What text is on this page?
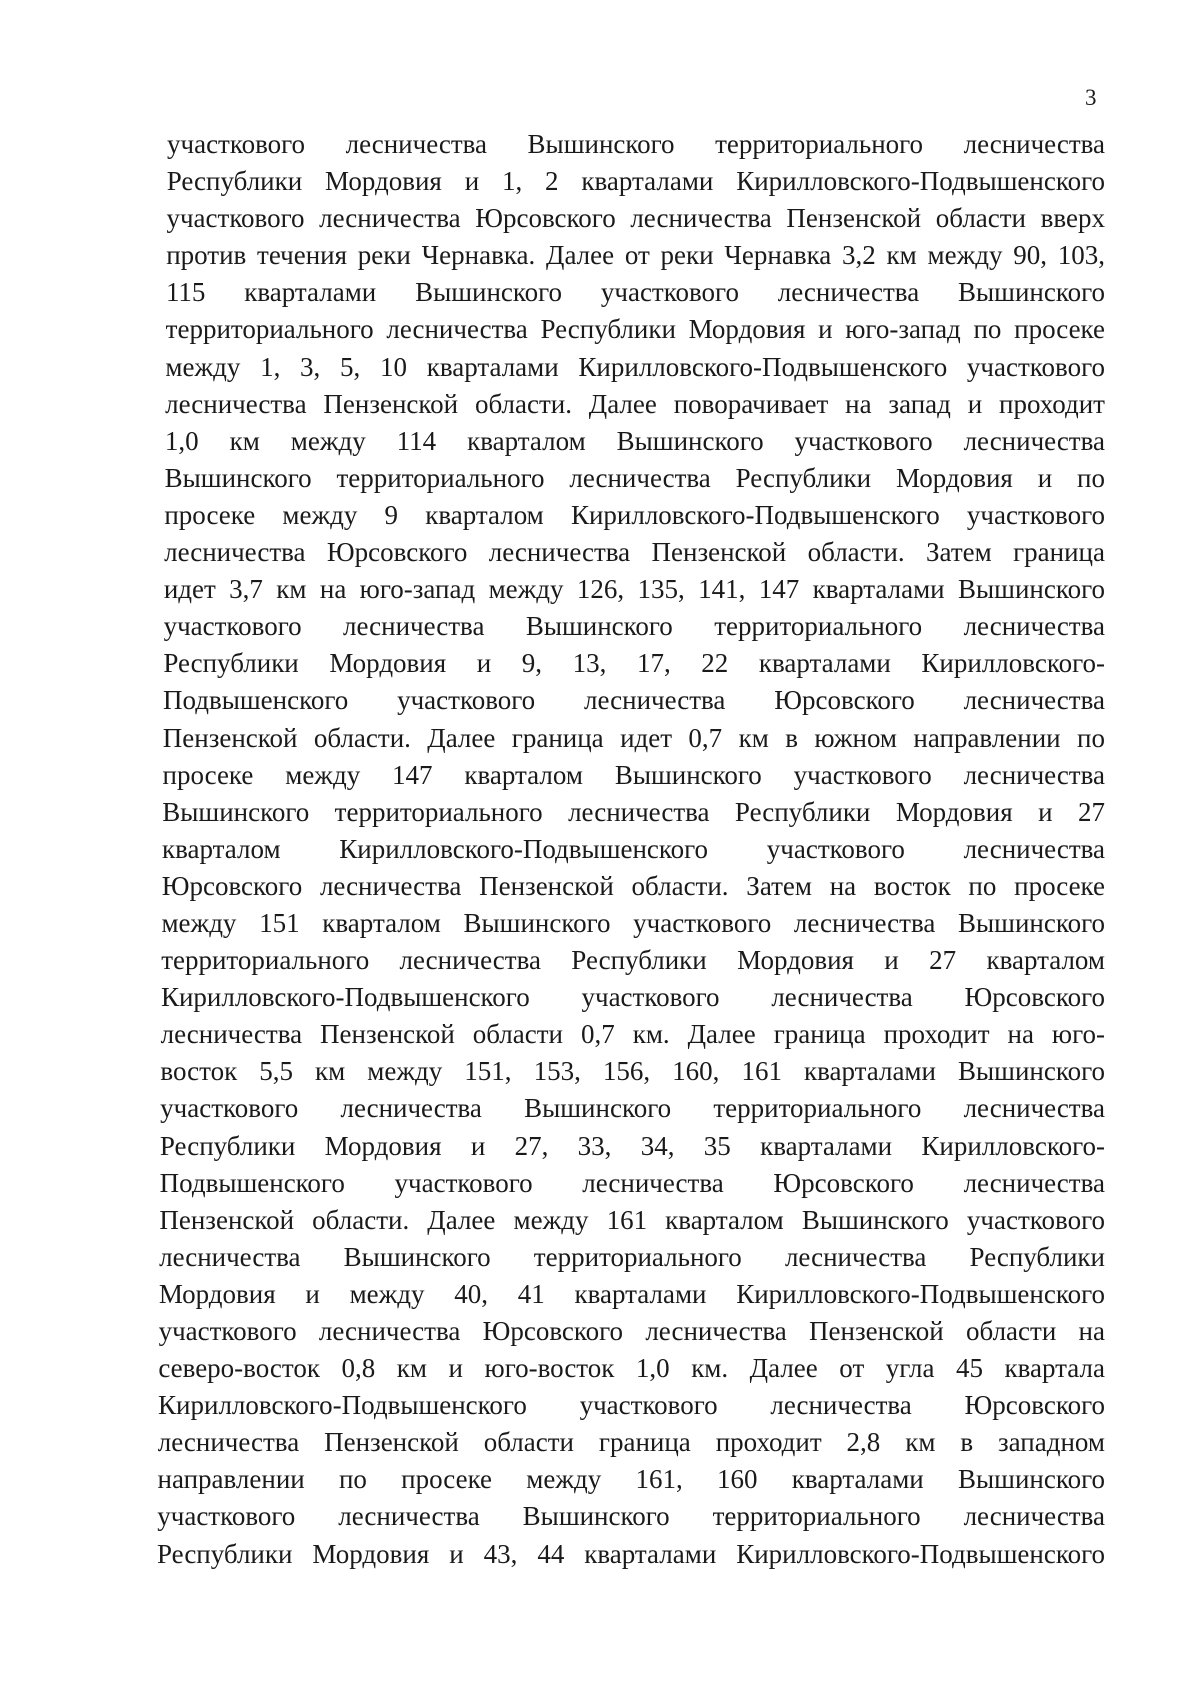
3
участкового лесничества Вышинского территориального лесничества
Республики Мордовия и 1, 2 кварталами Кирилловского-Подвышенского
участкового лесничества Юрсовского лесничества Пензенской области вверх
против течения реки Чернавка. Далее от реки Чернавка 3,2 км между 90, 103,
115 кварталами Вышинского участкового лесничества Вышинского
территориального лесничества Республики Мордовия и юго-запад по просеке
между 1, 3, 5, 10 кварталами Кирилловского-Подвышенского участкового
лесничества Пензенской области. Далее поворачивает на запад и проходит
1,0 км между 114 кварталом Вышинского участкового лесничества
Вышинского территориального лесничества Республики Мордовия и по
просеке между 9 кварталом Кирилловского-Подвышенского участкового
лесничества Юрсовского лесничества Пензенской области. Затем граница
идет 3,7 км на юго-запад между 126, 135, 141, 147 кварталами Вышинского
участкового лесничества Вышинского территориального лесничества
Республики Мордовия и 9, 13, 17, 22 кварталами Кирилловского-
Подвышенского участкового лесничества Юрсовского лесничества
Пензенской области. Далее граница идет 0,7 км в южном направлении по
просеке между 147 кварталом Вышинского участкового лесничества
Вышинского территориального лесничества Республики Мордовия и 27
кварталом Кирилловского-Подвышенского участкового лесничества
Юрсовского лесничества Пензенской области. Затем на восток по просеке
между 151 кварталом Вышинского участкового лесничества Вышинского
территориального лесничества Республики Мордовия и 27 кварталом
Кирилловского-Подвышенского участкового лесничества Юрсовского
лесничества Пензенской области 0,7 км. Далее граница проходит на юго-
восток 5,5 км между 151, 153, 156, 160, 161 кварталами Вышинского
участкового лесничества Вышинского территориального лесничества
Республики Мордовия и 27, 33, 34, 35 кварталами Кирилловского-
Подвышенского участкового лесничества Юрсовского лесничества
Пензенской области. Далее между 161 кварталом Вышинского участкового
лесничества Вышинского территориального лесничества Республики
Мордовия и между 40, 41 кварталами Кирилловского-Подвышенского
участкового лесничества Юрсовского лесничества Пензенской области на
северо-восток 0,8 км и юго-восток 1,0 км. Далее от угла 45 квартала
Кирилловского-Подвышенского участкового лесничества Юрсовского
лесничества Пензенской области граница проходит 2,8 км в западном
направлении по просеке между 161, 160 кварталами Вышинского
участкового лесничества Вышинского территориального лесничества
Республики Мордовия и 43, 44 кварталами Кирилловского-Подвышенского
